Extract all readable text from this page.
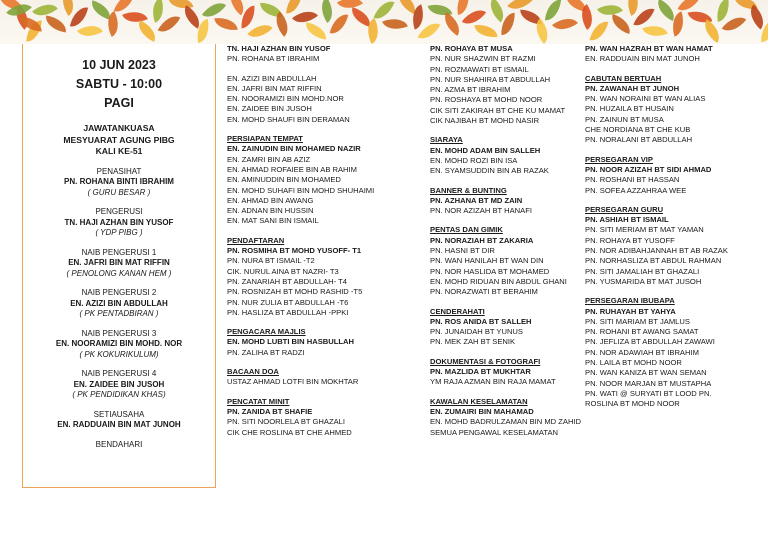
10 JUN 2023
SABTU - 10:00
PAGI
JAWATANKUASA
MESYUARAT AGUNG PIBG
KALI KE-51
PENASIHAT
PN. ROHANA BINTI IBRAHIM
( GURU BESAR )
PENGERUSI
TN. HAJI AZHAN BIN YUSOF
( YDP PIBG )
NAIB PENGERUSI 1
EN. JAFRI BIN MAT RIFFIN
( PENOLONG KANAN HEM )
NAIB PENGERUSI 2
EN. AZIZI BIN ABDULLAH
( PK PENTADBIRAN )
NAIB PENGERUSI 3
EN. NOORAMIZI BIN MOHD. NOR
( PK KOKURIKULUM)
NAIB PENGERUSI 4
EN. ZAIDEE BIN JUSOH
( PK PENDIDIKAN KHAS)
SETIAUSAHA
EN. RADDUAIN BIN MAT JUNOH
BENDAHARI
TN. HAJI AZHAN BIN YUSOF
PN. ROHANA BT IBRAHIM
EN. AZIZI BIN ABDULLAH
EN. JAFRI BIN MAT RIFFIN
EN. NOORAMIZI BIN MOHD.NOR
EN. ZAIDEE BIN JUSOH
EN. MOHD SHAUFI BIN DERAMAN
PERSIAPAN TEMPAT
EN. ZAINUDIN BIN MOHAMED NAZIR
EN. ZAMRI BIN AB AZIZ
EN. AHMAD ROFAIEE BIN AB RAHIM
EN. AMINUDDIN BIN MOHAMED
EN. MOHD SUHAFI BIN MOHD SHUHAIMI
EN. AHMAD BIN AWANG
EN. ADNAN BIN HUSSIN
EN. MAT SANI BIN ISMAIL
PENDAFTARAN
PN. ROSMIHA BT MOHD YUSOFF- T1
PN. NURA BT ISMAIL -T2
CIK. NURUL AINA BT NAZRI- T3
PN. ZANARIAH BT ABDULLAH- T4
PN. ROSNIZAH BT MOHD RASHID -T5
PN. NUR ZULIA BT ABDULLAH -T6
PN. HASLIZA BT ABDULLAH -PPKI
PENGACARA MAJLIS
EN. MOHD LUBTI BIN HASBULLAH
PN. ZALIHA BT RADZI
BACAAN DOA
USTAZ AHMAD LOTFI BIN MOKHTAR
PENCATAT MINIT
PN. ZANIDA BT SHAFIE
PN. SITI NOORLELA BT GHAZALI
CIK CHE ROSLINA BT CHE AHMED
PN. ROHAYA BT MUSA
PN. NUR SHAZWIN BT RAZMI
PN. ROZMAWATI BT ISMAIL
PN. NUR SHAHIRA BT ABDULLAH
PN. AZMA BT IBRAHIM
PN. ROSHAYA BT MOHD NOOR
CIK SITI ZAKIRAH BT CHE KU MAMAT
CIK NAJIBAH BT MOHD NASIR
SIARAYA
EN. MOHD ADAM BIN SALLEH
EN. MOHD ROZI BIN ISA
EN. SYAMSUDDIN BIN AB RAZAK
BANNER & BUNTING
PN. AZHANA BT MD ZAIN
PN. NOR AZIZAH BT HANAFI
PENTAS DAN GIMIK
PN. NORAZIAH BT ZAKARIA
PN. HASNI BT DIR
PN. WAN HANILAH BT WAN DIN
PN. NOR HASLIDA BT MOHAMED
EN. MOHD RIDUAN BIN ABDUL GHANI
PN. NORAZWATI BT BERAHIM
CENDERAHATI
PN. ROS ANIDA BT SALLEH
PN. JUNAIDAH BT YUNUS
PN. MEK ZAH BT SENIK
DOKUMENTASI & FOTOGRAFI
PN. MAZLIDA BT MUKHTAR
YM RAJA AZMAN BIN RAJA MAMAT
KAWALAN KESELAMATAN
EN. ZUMAIRI BIN MAHAMAD
EN. MOHD BADRULZAMAN BIN MD ZAHID
SEMUA PENGAWAL KESELAMATAN
PN. WAN HAZRAH BT WAN HAMAT
EN. RADDUAIN BIN MAT JUNOH
CABUTAN BERTUAH
PN. ZAWANAH BT JUNOH
PN. WAN NORAINI BT WAN ALIAS
PN. HUZAILA BT HUSAIN
PN. ZAINUN BT MUSA
CHE NORDIANA BT CHE KUB
PN. NORALANI BT ABDULLAH
PERSEGARAN VIP
PN. NOOR AZIZAH BT SIDI AHMAD
PN. ROSHANI BT HASSAN
PN. SOFEA AZZAHRAA WEE
PERSEGARAN GURU
PN. ASHIAH BT ISMAIL
PN. SITI MERIAM BT MAT YAMAN
PN. ROHAYA BT YUSOFF
PN. NOR ADIBAHJANNAH BT AB RAZAK
PN. NORHASLIZA BT ABDUL RAHMAN
PN. SITI JAMALIAH BT GHAZALI
PN. YUSMARIDA BT MAT JUSOH
PERSEGARAN IBUBAPA
PN. RUHAYAH BT YAHYA
PN. SITI MARIAM BT JAMLUS
PN. ROHANI BT AWANG SAMAT
PN. JEFLIZA BT ABDULLAH ZAWAWI
PN. NOR ADAWIAH BT IBRAHIM
PN. LAILA BT MOHD NOOR
PN. WAN KANIZA BT WAN SEMAN
PN. NOOR MARJAN BT MUSTAPHA
PN. WATI @ SURYATI BT LOOD PN.
ROSLINA BT MOHD NOOR
